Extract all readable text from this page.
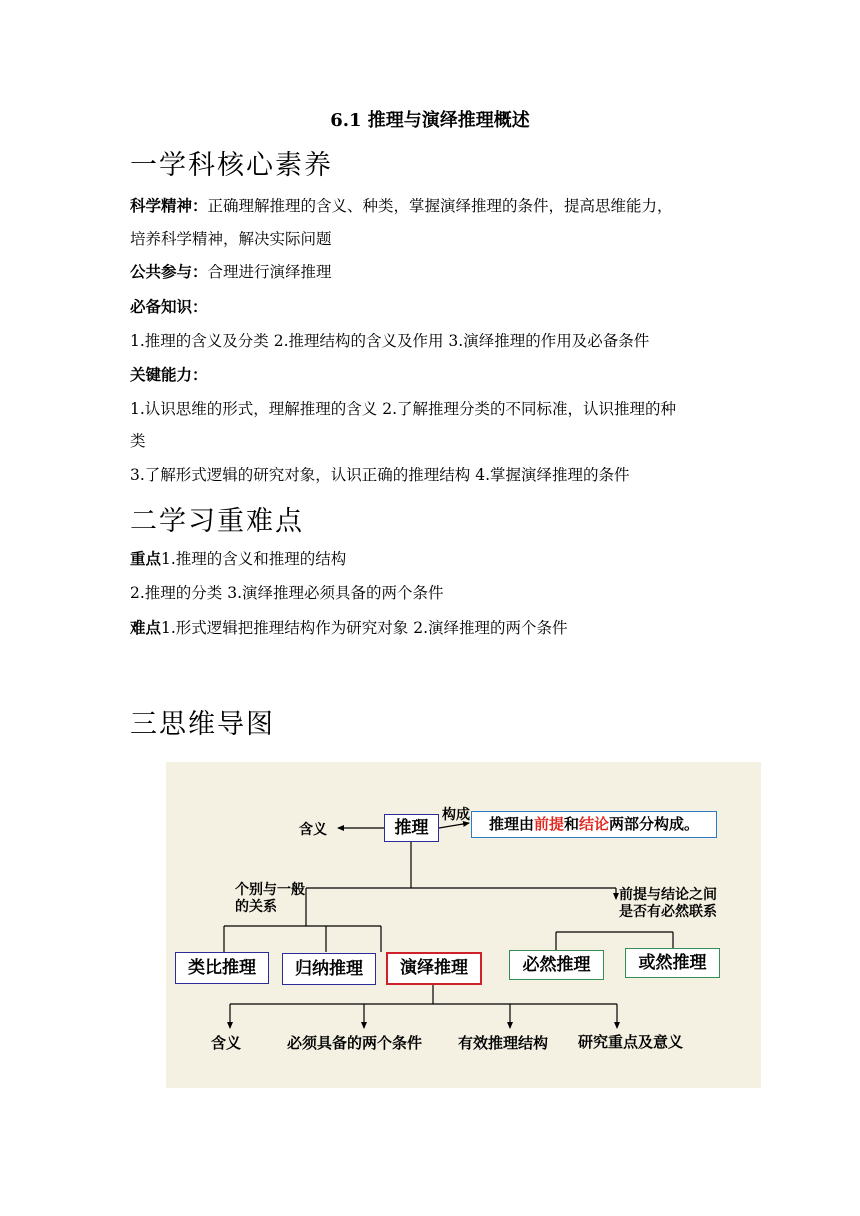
6.1 推理与演绎推理概述
一学科核心素养
科学精神：正确理解推理的含义、种类，掌握演绎推理的条件，提高思维能力，
培养科学精神，解决实际问题
公共参与：合理进行演绎推理
必备知识：
1.推理的含义及分类 2.推理结构的含义及作用 3.演绎推理的作用及必备条件
关键能力：
1.认识思维的形式，理解推理的含义 2.了解推理分类的不同标准，认识推理的种
类
3.了解形式逻辑的研究对象，认识正确的推理结构 4.掌握演绎推理的条件
二学习重难点
重点1.推理的含义和推理的结构
2.推理的分类 3.演绎推理必须具备的两个条件
难点1.形式逻辑把推理结构作为研究对象 2.演绎推理的两个条件
三思维导图
推理
含义
构成	推理由前提和结论两部分构成。
个别与一般
的关系
前提与结论之间
是否有必然联系
类比推理	归纳推理	演绎推理	必然推理	或然推理
含义	必须具备的两个条件 有效推理结构 研究重点及意义
